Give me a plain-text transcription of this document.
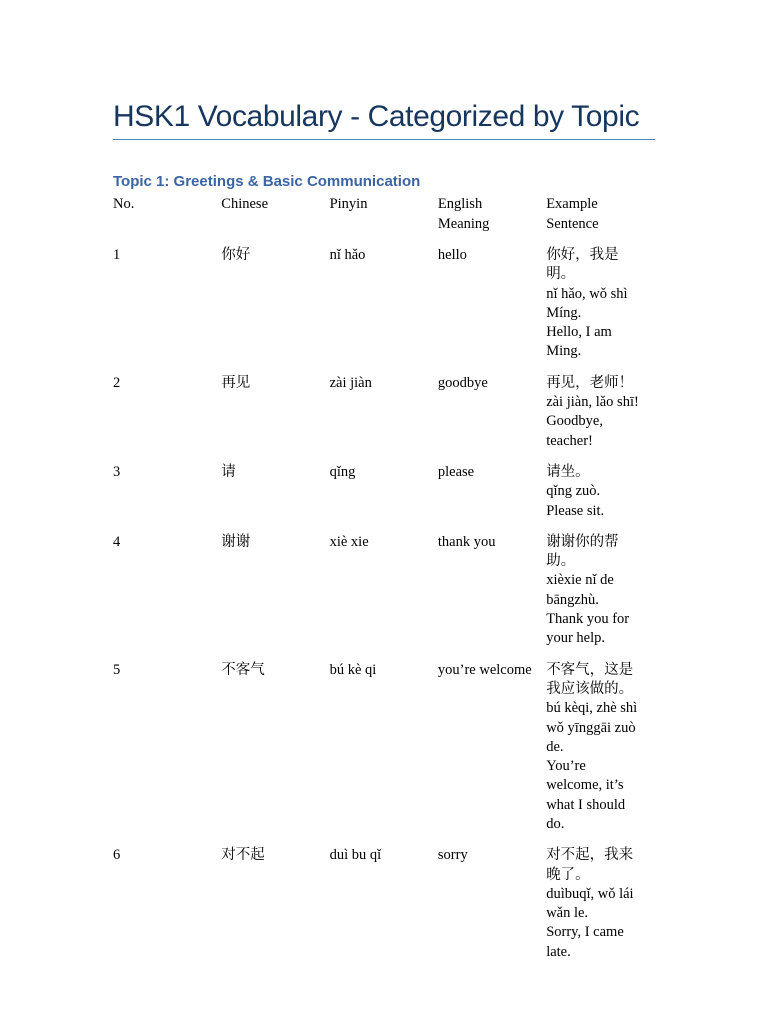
HSK1 Vocabulary - Categorized by Topic
Topic 1: Greetings & Basic Communication
No.	Chinese	Pinyin	English Meaning	Example Sentence
1	你好	nǐ hǎo	hello	你好，我是明。
nǐ hǎo, wǒ shì Míng.
Hello, I am Ming.

2	再见	zài jiàn	goodbye	再见，老师！
zài jiàn, lǎo shī!
Goodbye, teacher!

3	请	qǐng	please	请坐。
qǐng zuò.
Please sit.

4	谢谢	xiè xie	thank you	谢谢你的帮助。
xièxie nǐ de bāngzhù.
Thank you for your help.

5	不客气	bú kè qi	you’re welcome	不客气，这是我应该做的。
bú kèqi, zhè shì wǒ yīnggāi zuò de.
You’re welcome, it’s what I should do.

6	对不起	duì bu qǐ	sorry	对不起，我来晚了。
duìbuqǐ, wǒ lái wǎn le.
Sorry, I came late.
